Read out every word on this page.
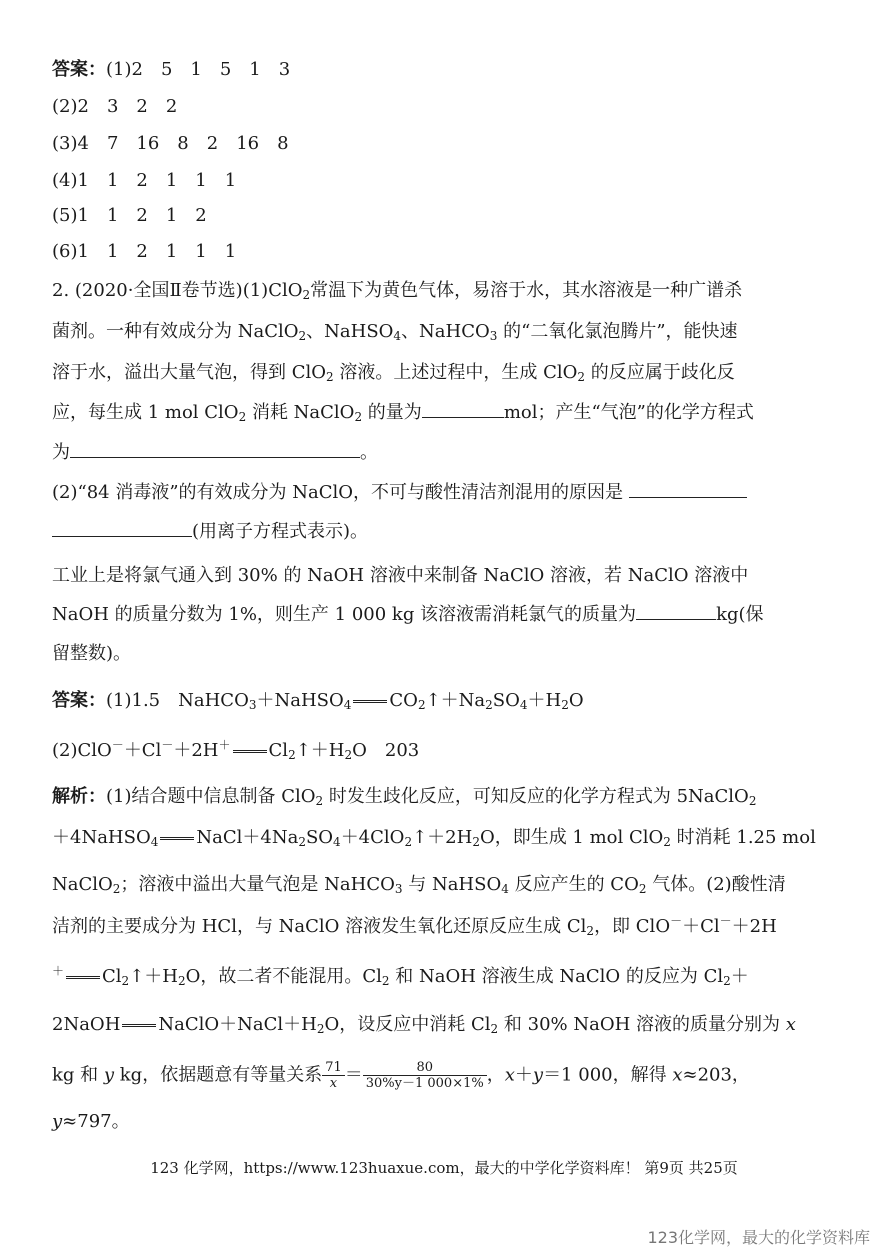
答案：(1)2　5　1　5　1　3
(2)2　3　2　2
(3)4　7　16　8　2　16　8
(4)1　1　2　1　1　1
(5)1　1　2　1　2
(6)1　1　2　1　1　1
2. (2020·全国Ⅱ卷节选)(1)ClO$_2$常温下为黄色气体，易溶于水，其水溶液是一种广谱杀
菌剂。一种有效成分为 NaClO$_2$、NaHSO$_4$、NaHCO$_3$ 的“二氧化氯泡腾片”，能快速
溶于水，溢出大量气泡，得到 ClO$_2$ 溶液。上述过程中，生成 ClO$_2$ 的反应属于歧化反
应，每生成 1 mol ClO$_2$ 消耗 NaClO$_2$ 的量为	mol；产生“气泡”的化学方程式
为	。
(2)“84 消毒液”的有效成分为 NaClO，不可与酸性清洁剂混用的原因是
(用离子方程式表示)。
工业上是将氯气通入到 30% 的 NaOH 溶液中来制备 NaClO 溶液，若 NaClO 溶液中
NaOH 的质量分数为 1%，则生产 1 000 kg 该溶液需消耗氯气的质量为	kg(保
留整数)。
答案：(1)1.5　NaHCO$_3$＋NaHSO$_4$ $CO_2↑+Na_2SO_4+H_2O$
(2)ClO－＋Cl－＋2H＋ $Cl_2↑+H_2O$　203
解析：(1)结合题中信息制备 ClO$_2$ 时发生歧化反应，可知反应的化学方程式为 5NaClO$_2$
＋4NaHSO$_4$ $NaCl+4Na_2SO_4+4ClO_2↑+2H_2O$，即生成 1 mol ClO$_2$ 时消耗 1.25 mol
NaClO$_2$；溶液中溢出大量气泡是 NaHCO$_3$ 与 NaHSO$_4$ 反应产生的 $CO_2$ 气体。(2)酸性清
洁剂的主要成分为 HCl，与 NaClO 溶液发生氧化还原反应生成 $Cl_2$，即 ClO－＋Cl－＋2H
＋ $Cl_2↑+H_2O$，故二者不能混用。$Cl_2$ 和 NaOH 溶液生成 NaClO 的反应为 $Cl_2+$
2NaOH $NaClO+NaCl+H_2O$，设反应中消耗 $Cl_2$ 和 30% NaOH 溶液的质量分别为 x
kg 和 y kg，依据题意有等量关系 $\frac{71}{x} = \frac{80}{30\%y-1 000\times 1\%}$ ，x＋y＝1 000，解得 x≈203，
y≈797。
123 化学网，https://www.123huaxue.com，最大的中学化学资料库！ 第9页 共25页
123化学网，最大的化学资料库
